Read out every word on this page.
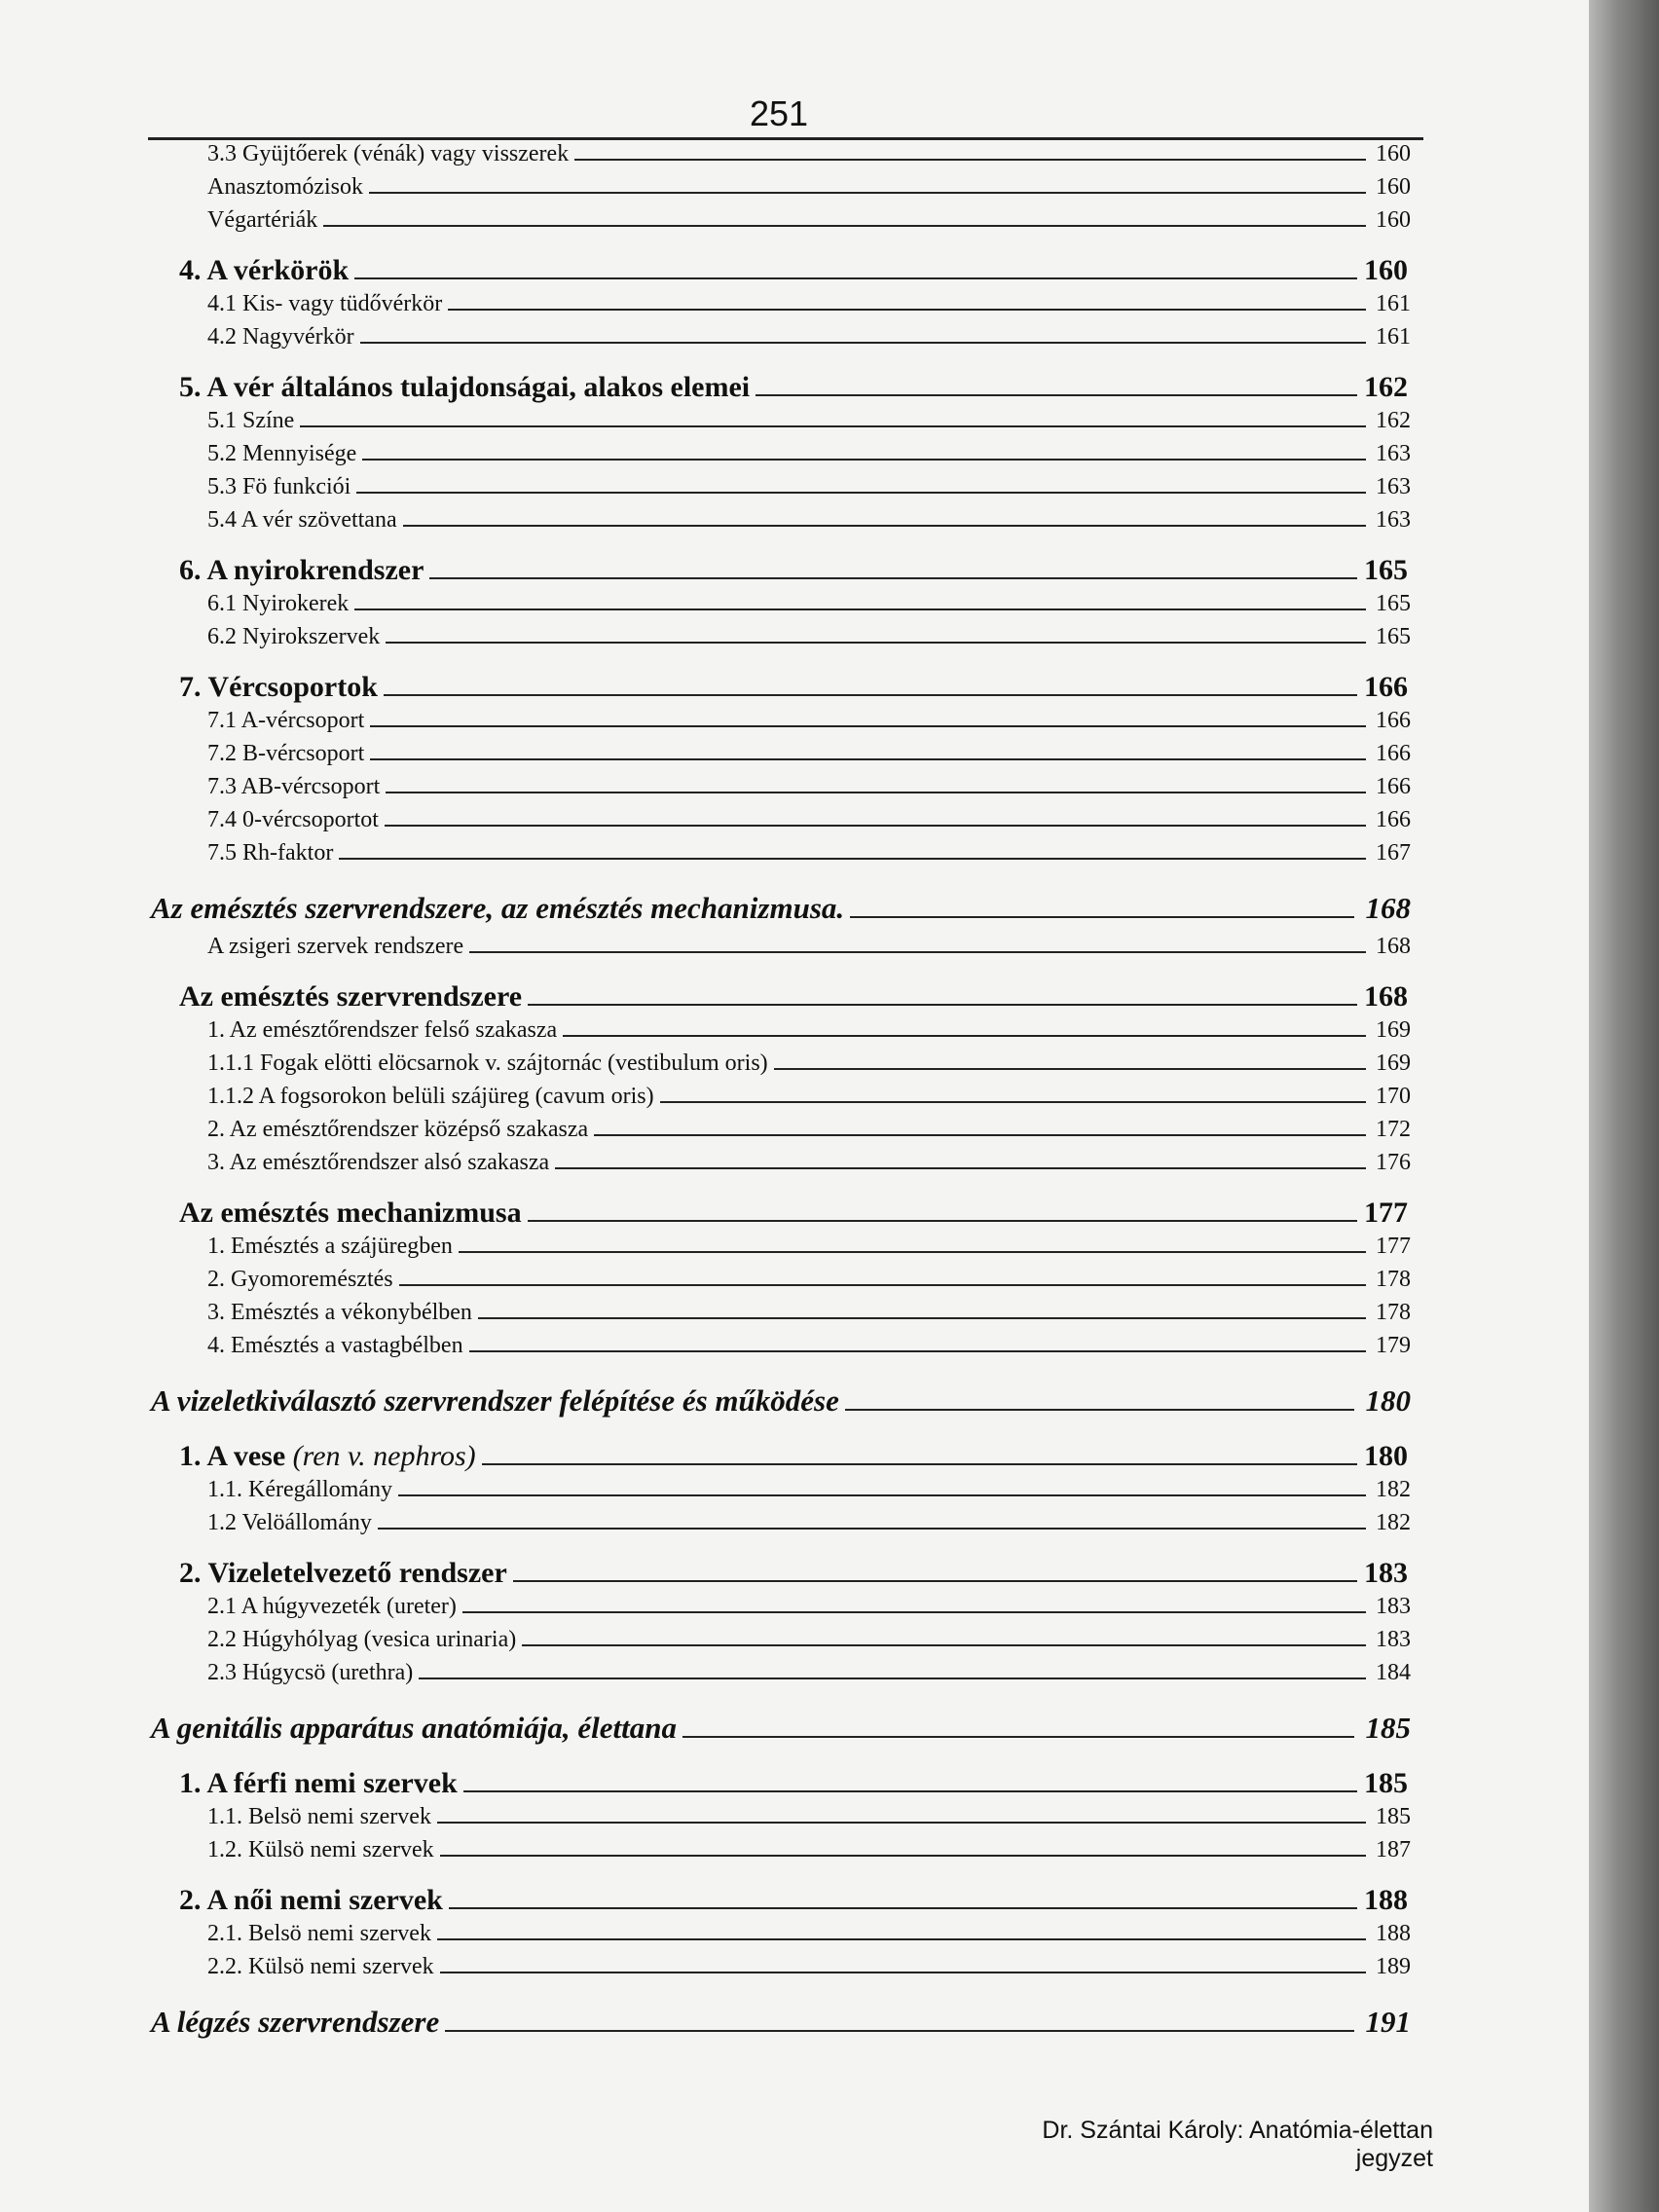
251
3.3 Gyüjtőerek (vénák) vagy visszerek	160
Anasztomózisok	160
Végartériák	160
4. A vérkörök	160
4.1 Kis- vagy tüdővérkör	161
4.2 Nagyvérkör	161
5. A vér általános tulajdonságai, alakos elemei	162
5.1 Színe	162
5.2 Mennyisége	163
5.3 Fö funkciói	163
5.4 A vér szövettana	163
6. A nyirokrendszer	165
6.1 Nyirokerek	165
6.2 Nyirokszervek	165
7. Vércsoportok	166
7.1 A-vércsoport	166
7.2 B-vércsoport	166
7.3 AB-vércsoport	166
7.4 0-vércsoportot	166
7.5 Rh-faktor	167
Az emésztés szervrendszere, az emésztés mechanizmusa.	168
A zsigeri szervek rendszere	168
Az emésztés szervrendszere	168
1. Az emésztőrendszer felső szakasza	169
1.1.1 Fogak elötti elöcsarnok v. szájtornác (vestibulum oris)	169
1.1.2 A fogsorokon belüli szájüreg (cavum oris)	170
2. Az emésztőrendszer középső szakasza	172
3. Az emésztőrendszer alsó szakasza	176
Az emésztés mechanizmusa	177
1. Emésztés a szájüregben	177
2. Gyomoremésztés	178
3. Emésztés a vékonybélben	178
4. Emésztés a vastagbélben	179
A vizeletkiválasztó szervrendszer felépítése és működése	180
1. A vese (ren v. nephros)	180
1.1. Kéregállomány	182
1.2 Velöállomány	182
2. Vizeletelvezető rendszer	183
2.1 A húgyvezeték (ureter)	183
2.2 Húgyhólyag (vesica urinaria)	183
2.3 Húgycsö (urethra)	184
A genitális apparátus anatómiája, élettana	185
1. A férfi nemi szervek	185
1.1. Belsö nemi szervek	185
1.2. Külsö nemi szervek	187
2. A női nemi szervek	188
2.1. Belsö nemi szervek	188
2.2. Külsö nemi szervek	189
A légzés szervrendszere	191
Dr. Szántai Károly: Anatómia-élettan jegyzet
